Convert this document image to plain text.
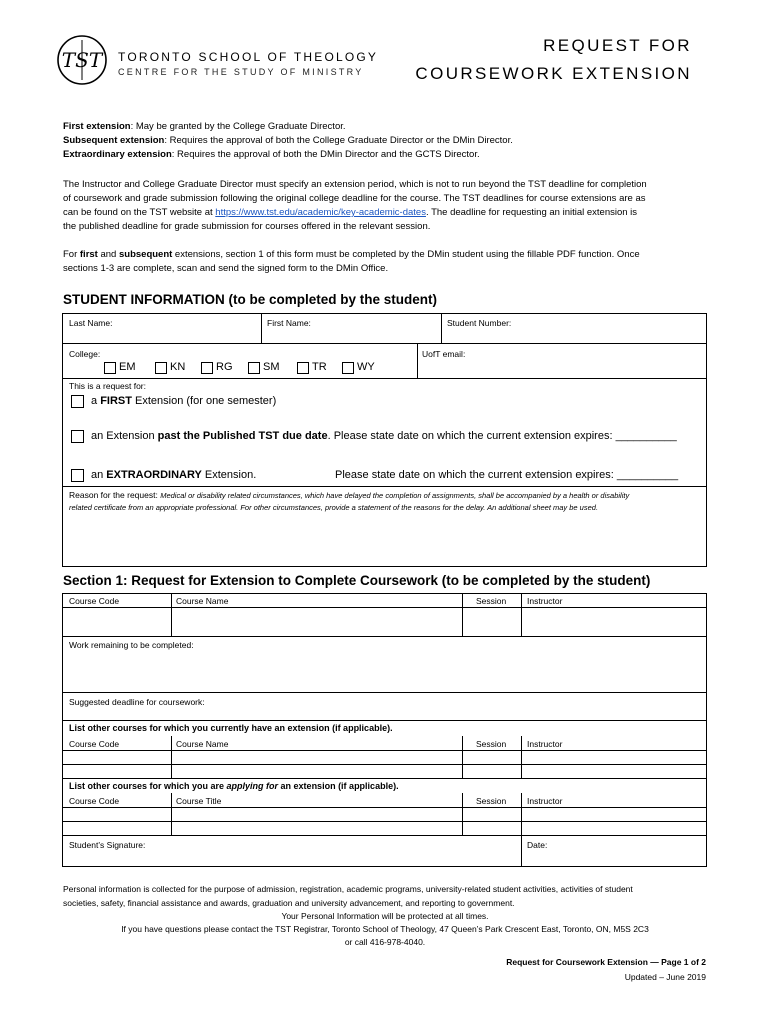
TST TORONTO SCHOOL OF THEOLOGY
CENTRE FOR THE STUDY OF MINISTRY
REQUEST FOR
COURSEWORK EXTENSION

First extension: May be granted by the College Graduate Director.

Subsequent extension: Requires the approval of both the College Graduate Director or the DMin Director.

Extraordinary extension: Requires the approval of both the DMin Director and the GCTS Director.

The Instructor and College Graduate Director must specify an extension period, which is not to run beyond the TST deadline for completion

of coursework and grade submission following the original college deadline for the course. The TST deadlines for course extensions are as

can be found on the TST website at https://www.tst.edu/academic/key-academic-dates. The deadline for requesting an initial extension is

the published deadline for grade submission for courses offered in the relevant session.

For first and subsequent extensions, section 1 of this form must be completed by the DMin student using the fillable PDF function. Once

sections 1-3 are complete, scan and send the signed form to the DMin Office.

STUDENT INFORMATION (to be completed by the student)
Last Name:	First Name:	Student Number:
College:	UofT email:
EM	KN	RG	SM	TR	WY
This is a request for:
a FIRST Extension (for one semester)
an Extension past the Published TST due date. Please state date on which the current extension expires: __________
an EXTRAORDINARY Extension.	Please state date on which the current extension expires: __________
Reason for the request: Medical or disability related circumstances, which have delayed the completion of assignments, shall be accompanied by a health or disability
related certificate from an appropriate professional. For other circumstances, provide a statement of the reasons for the delay. An additional sheet may be used.
Section 1: Request for Extension to Complete Coursework (to be completed by the student)
Course Code	Course Name	Session Instructor
Work remaining to be completed:
Suggested deadline for coursework:
List other courses for which you currently have an extension (if applicable).
Course Code	Course Name	Session Instructor
List other courses for which you are applying for an extension (if applicable).
Course Code	Course Title	Session Instructor
Student’s Signature:	Date:
Personal information is collected for the purpose of admission, registration, academic programs, university-related student activities, activities of student
societies, safety, financial assistance and awards, graduation and university advancement, and reporting to government.
Your Personal Information will be protected at all times.
If you have questions please contact the TST Registrar, Toronto School of Theology, 47 Queen’s Park Crescent East, Toronto, ON, M5S 2C3
or call 416-978-4040.
Request for Coursework Extension — Page 1 of 2
Updated – June 2019
